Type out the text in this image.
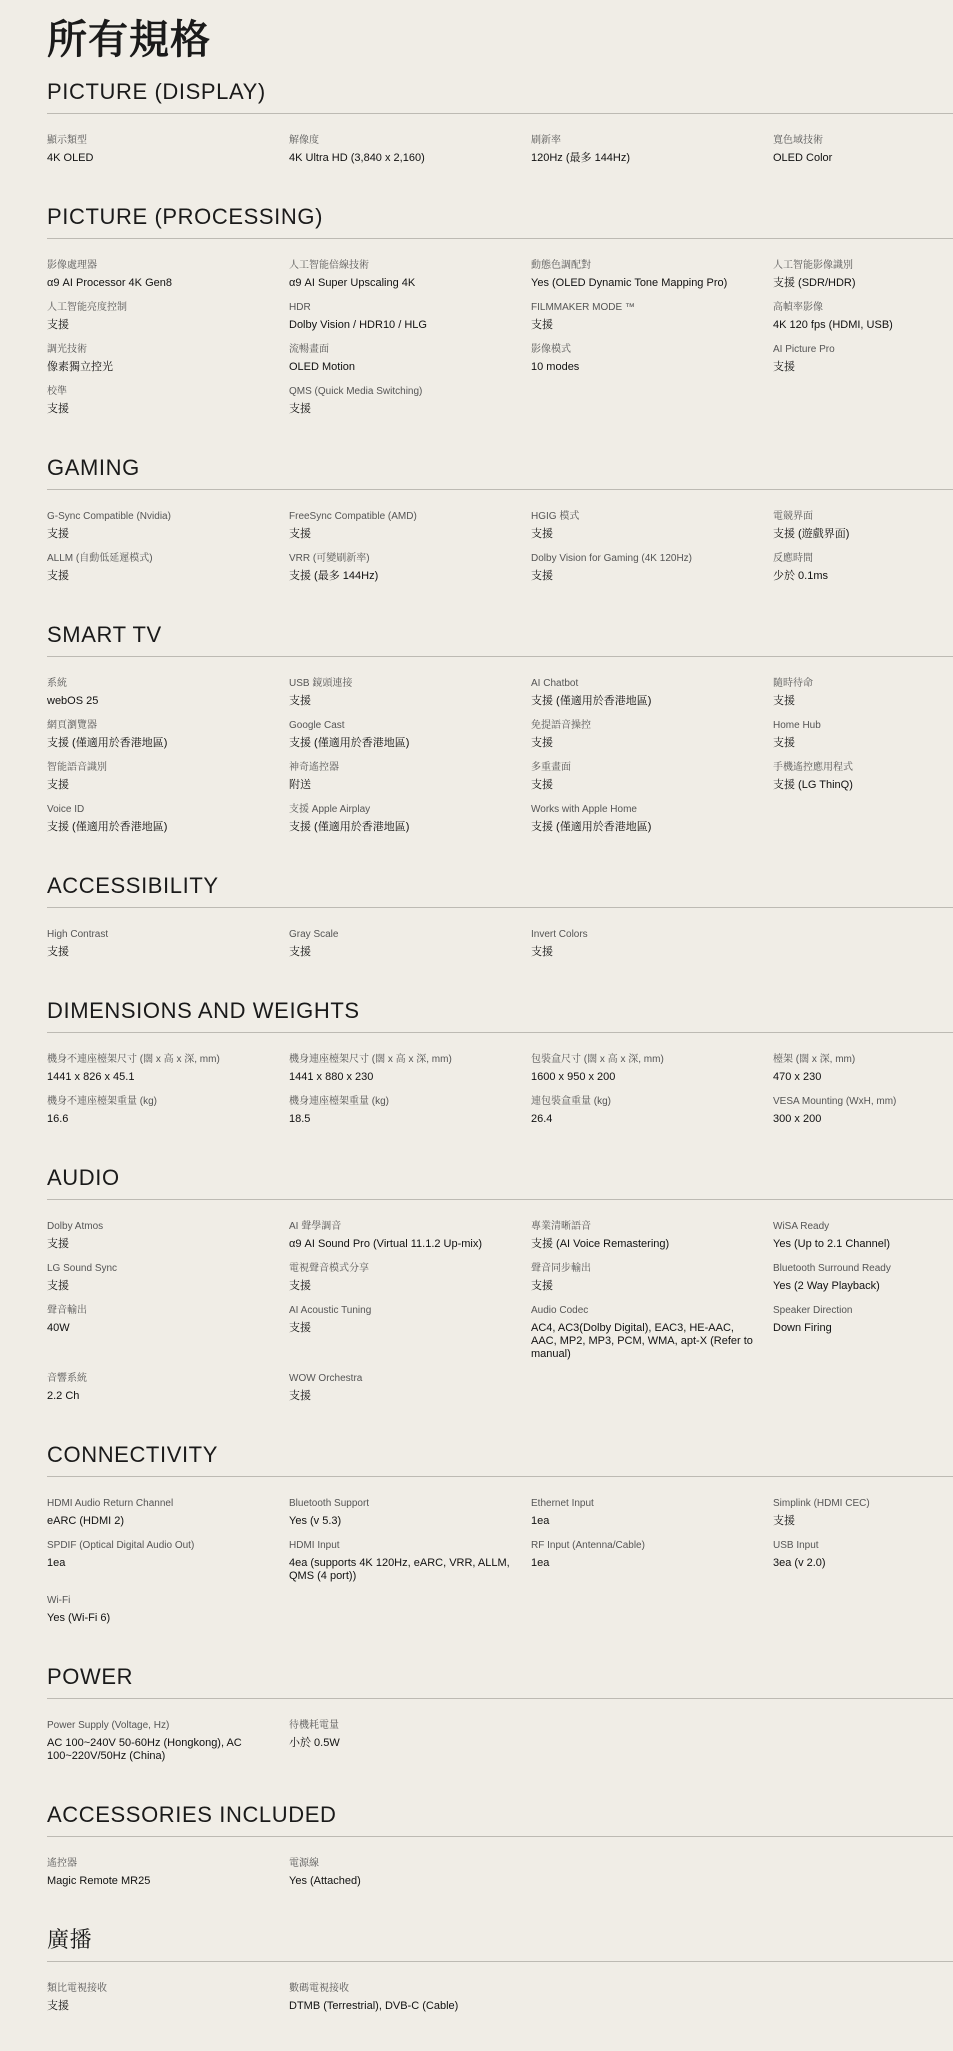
所有規格
PICTURE (DISPLAY)
顯示類型
4K OLED
解像度
4K Ultra HD (3,840 x 2,160)
刷新率
120Hz (最多 144Hz)
寬色域技術
OLED Color
PICTURE (PROCESSING)
影像處理器
α9 AI Processor 4K Gen8
人工智能倍線技術
α9 AI Super Upscaling 4K
動態色調配對
Yes (OLED Dynamic Tone Mapping Pro)
人工智能影像識別
支援 (SDR/HDR)
人工智能亮度控制
支援
HDR
Dolby Vision / HDR10 / HLG
FILMMAKER MODE ™
支援
高幀率影像
4K 120 fps (HDMI, USB)
調光技術
像素獨立控光
流暢畫面
OLED Motion
影像模式
10 modes
AI Picture Pro
支援
校準
支援
QMS (Quick Media Switching)
支援
GAMING
G-Sync Compatible (Nvidia)
支援
FreeSync Compatible (AMD)
支援
HGIG 模式
支援
電競界面
支援 (遊戲界面)
ALLM (自動低延遲模式)
支援
VRR (可變刷新率)
支援 (最多 144Hz)
Dolby Vision for Gaming (4K 120Hz)
支援
反應時間
少於 0.1ms
SMART TV
系統
webOS 25
USB 鏡頭連接
支援
AI Chatbot
支援 (僅適用於香港地區)
隨時待命
支援
網頁瀏覽器
支援 (僅適用於香港地區)
Google Cast
支援 (僅適用於香港地區)
免提語音操控
支援
Home Hub
支援
智能語音識別
支援
神奇遙控器
附送
多重畫面
支援
手機遙控應用程式
支援 (LG ThinQ)
Voice ID
支援 (僅適用於香港地區)
支援 Apple Airplay
支援 (僅適用於香港地區)
Works with Apple Home
支援 (僅適用於香港地區)
ACCESSIBILITY
High Contrast
支援
Gray Scale
支援
Invert Colors
支援
DIMENSIONS AND WEIGHTS
機身不連座檯架尺寸 (闊 x 高 x 深, mm)
1441 x 826 x 45.1
機身連座檯架尺寸 (闊 x 高 x 深, mm)
1441 x 880 x 230
包裝盒尺寸 (闊 x 高 x 深, mm)
1600 x 950 x 200
檯架 (闊 x 深, mm)
470 x 230
機身不連座檯架重量 (kg)
16.6
機身連座檯架重量 (kg)
18.5
連包裝盒重量 (kg)
26.4
VESA Mounting (WxH, mm)
300 x 200
AUDIO
Dolby Atmos
支援
AI 聲學調音
α9 AI Sound Pro (Virtual 11.1.2 Up-mix)
專業清晰語音
支援 (AI Voice Remastering)
WiSA Ready
Yes (Up to 2.1 Channel)
LG Sound Sync
支援
電視聲音模式分享
支援
聲音同步輸出
支援
Bluetooth Surround Ready
Yes (2 Way Playback)
聲音輸出
40W
AI Acoustic Tuning
支援
Audio Codec
AC4, AC3(Dolby Digital), EAC3, HE-AAC, AAC, MP2, MP3, PCM, WMA, apt-X (Refer to manual)
Speaker Direction
Down Firing
音響系統
2.2 Ch
WOW Orchestra
支援
CONNECTIVITY
HDMI Audio Return Channel
eARC (HDMI 2)
Bluetooth Support
Yes (v 5.3)
Ethernet Input
1ea
Simplink (HDMI CEC)
支援
SPDIF (Optical Digital Audio Out)
1ea
HDMI Input
4ea (supports 4K 120Hz, eARC, VRR, ALLM, QMS (4 port))
RF Input (Antenna/Cable)
1ea
USB Input
3ea (v 2.0)
Wi-Fi
Yes (Wi-Fi 6)
POWER
Power Supply (Voltage, Hz)
AC 100~240V 50-60Hz (Hongkong), AC 100~220V/50Hz (China)
待機耗電量
小於 0.5W
ACCESSORIES INCLUDED
遙控器
Magic Remote MR25
電源線
Yes (Attached)
廣播
類比電視接收
支援
數碼電視接收
DTMB (Terrestrial), DVB-C (Cable)
